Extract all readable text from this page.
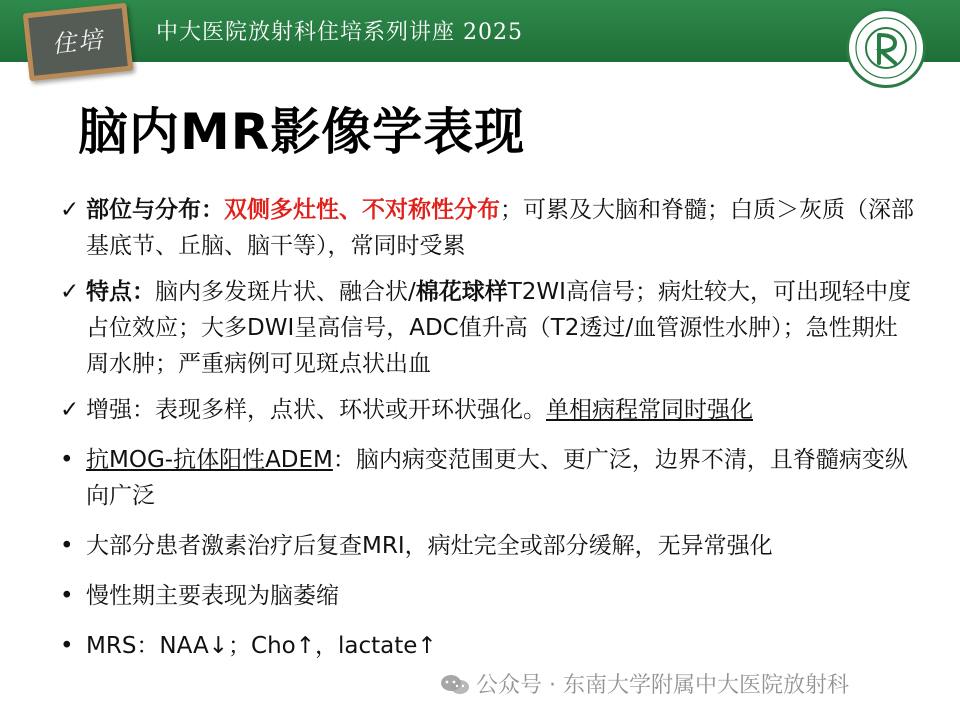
住培	中大医院放射科住培系列讲座 2025
脑内MR影像学表现
✓ 部位与分布：双侧多灶性、不对称性分布；可累及大脑和脊髓；白质＞灰质（深部基底节、丘脑、脑干等），常同时受累
✓ 特点：脑内多发斑片状、融合状/棉花球样T2WI高信号；病灶较大，可出现轻中度占位效应；大多DWI呈高信号，ADC值升高（T2透过/血管源性水肿）；急性期灶周水肿；严重病例可见斑点状出血
✓ 增强：表现多样，点状、环状或开环状强化。单相病程常同时强化
• 抗MOG-抗体阳性ADEM：脑内病变范围更大、更广泛，边界不清，且脊髓病变纵向广泛
• 大部分患者激素治疗后复查MRI，病灶完全或部分缓解，无异常强化
• 慢性期主要表现为脑萎缩
• MRS：NAA↓；Cho↑，lactate↑
公众号 · 东南大学附属中大医院放射科
